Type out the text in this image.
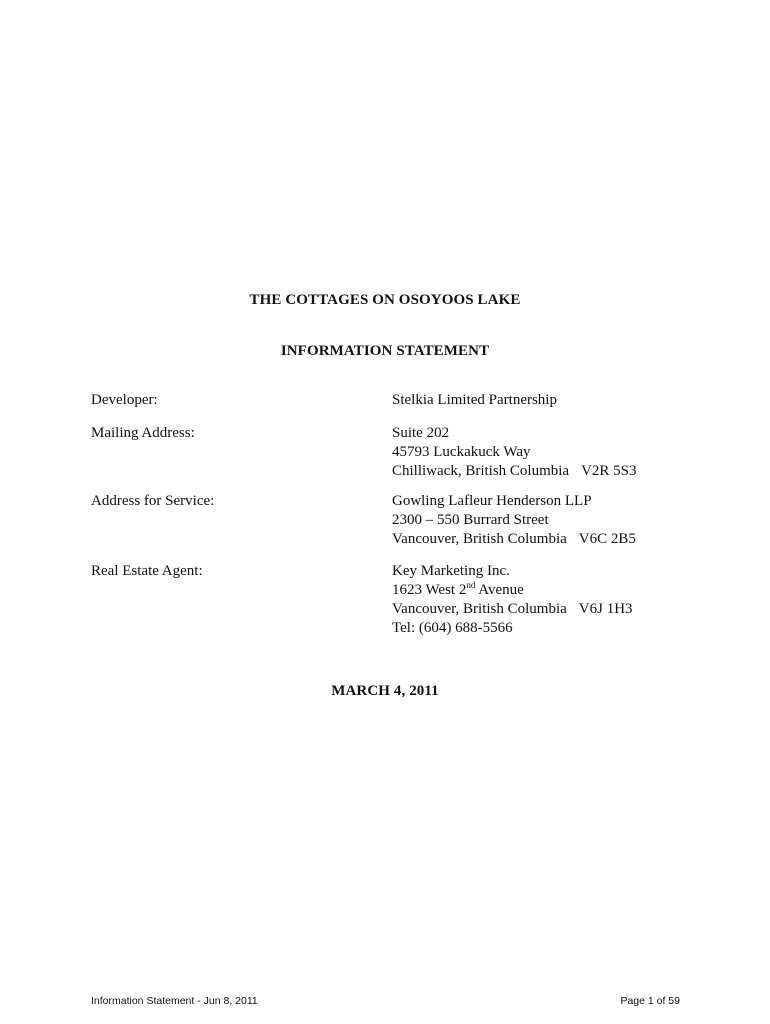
THE COTTAGES ON OSOYOOS LAKE
INFORMATION STATEMENT
Developer:	Stelkia Limited Partnership
Mailing Address:	Suite 202
45793 Luckakuck Way
Chilliwack, British Columbia V2R 5S3
Address for Service:	Gowling Lafleur Henderson LLP
2300 – 550 Burrard Street
Vancouver, British Columbia V6C 2B5
Real Estate Agent:	Key Marketing Inc.
1623 West 2nd Avenue
Vancouver, British Columbia V6J 1H3
Tel: (604) 688-5566
MARCH 4, 2011
Information Statement - Jun 8, 2011	Page 1 of 59
